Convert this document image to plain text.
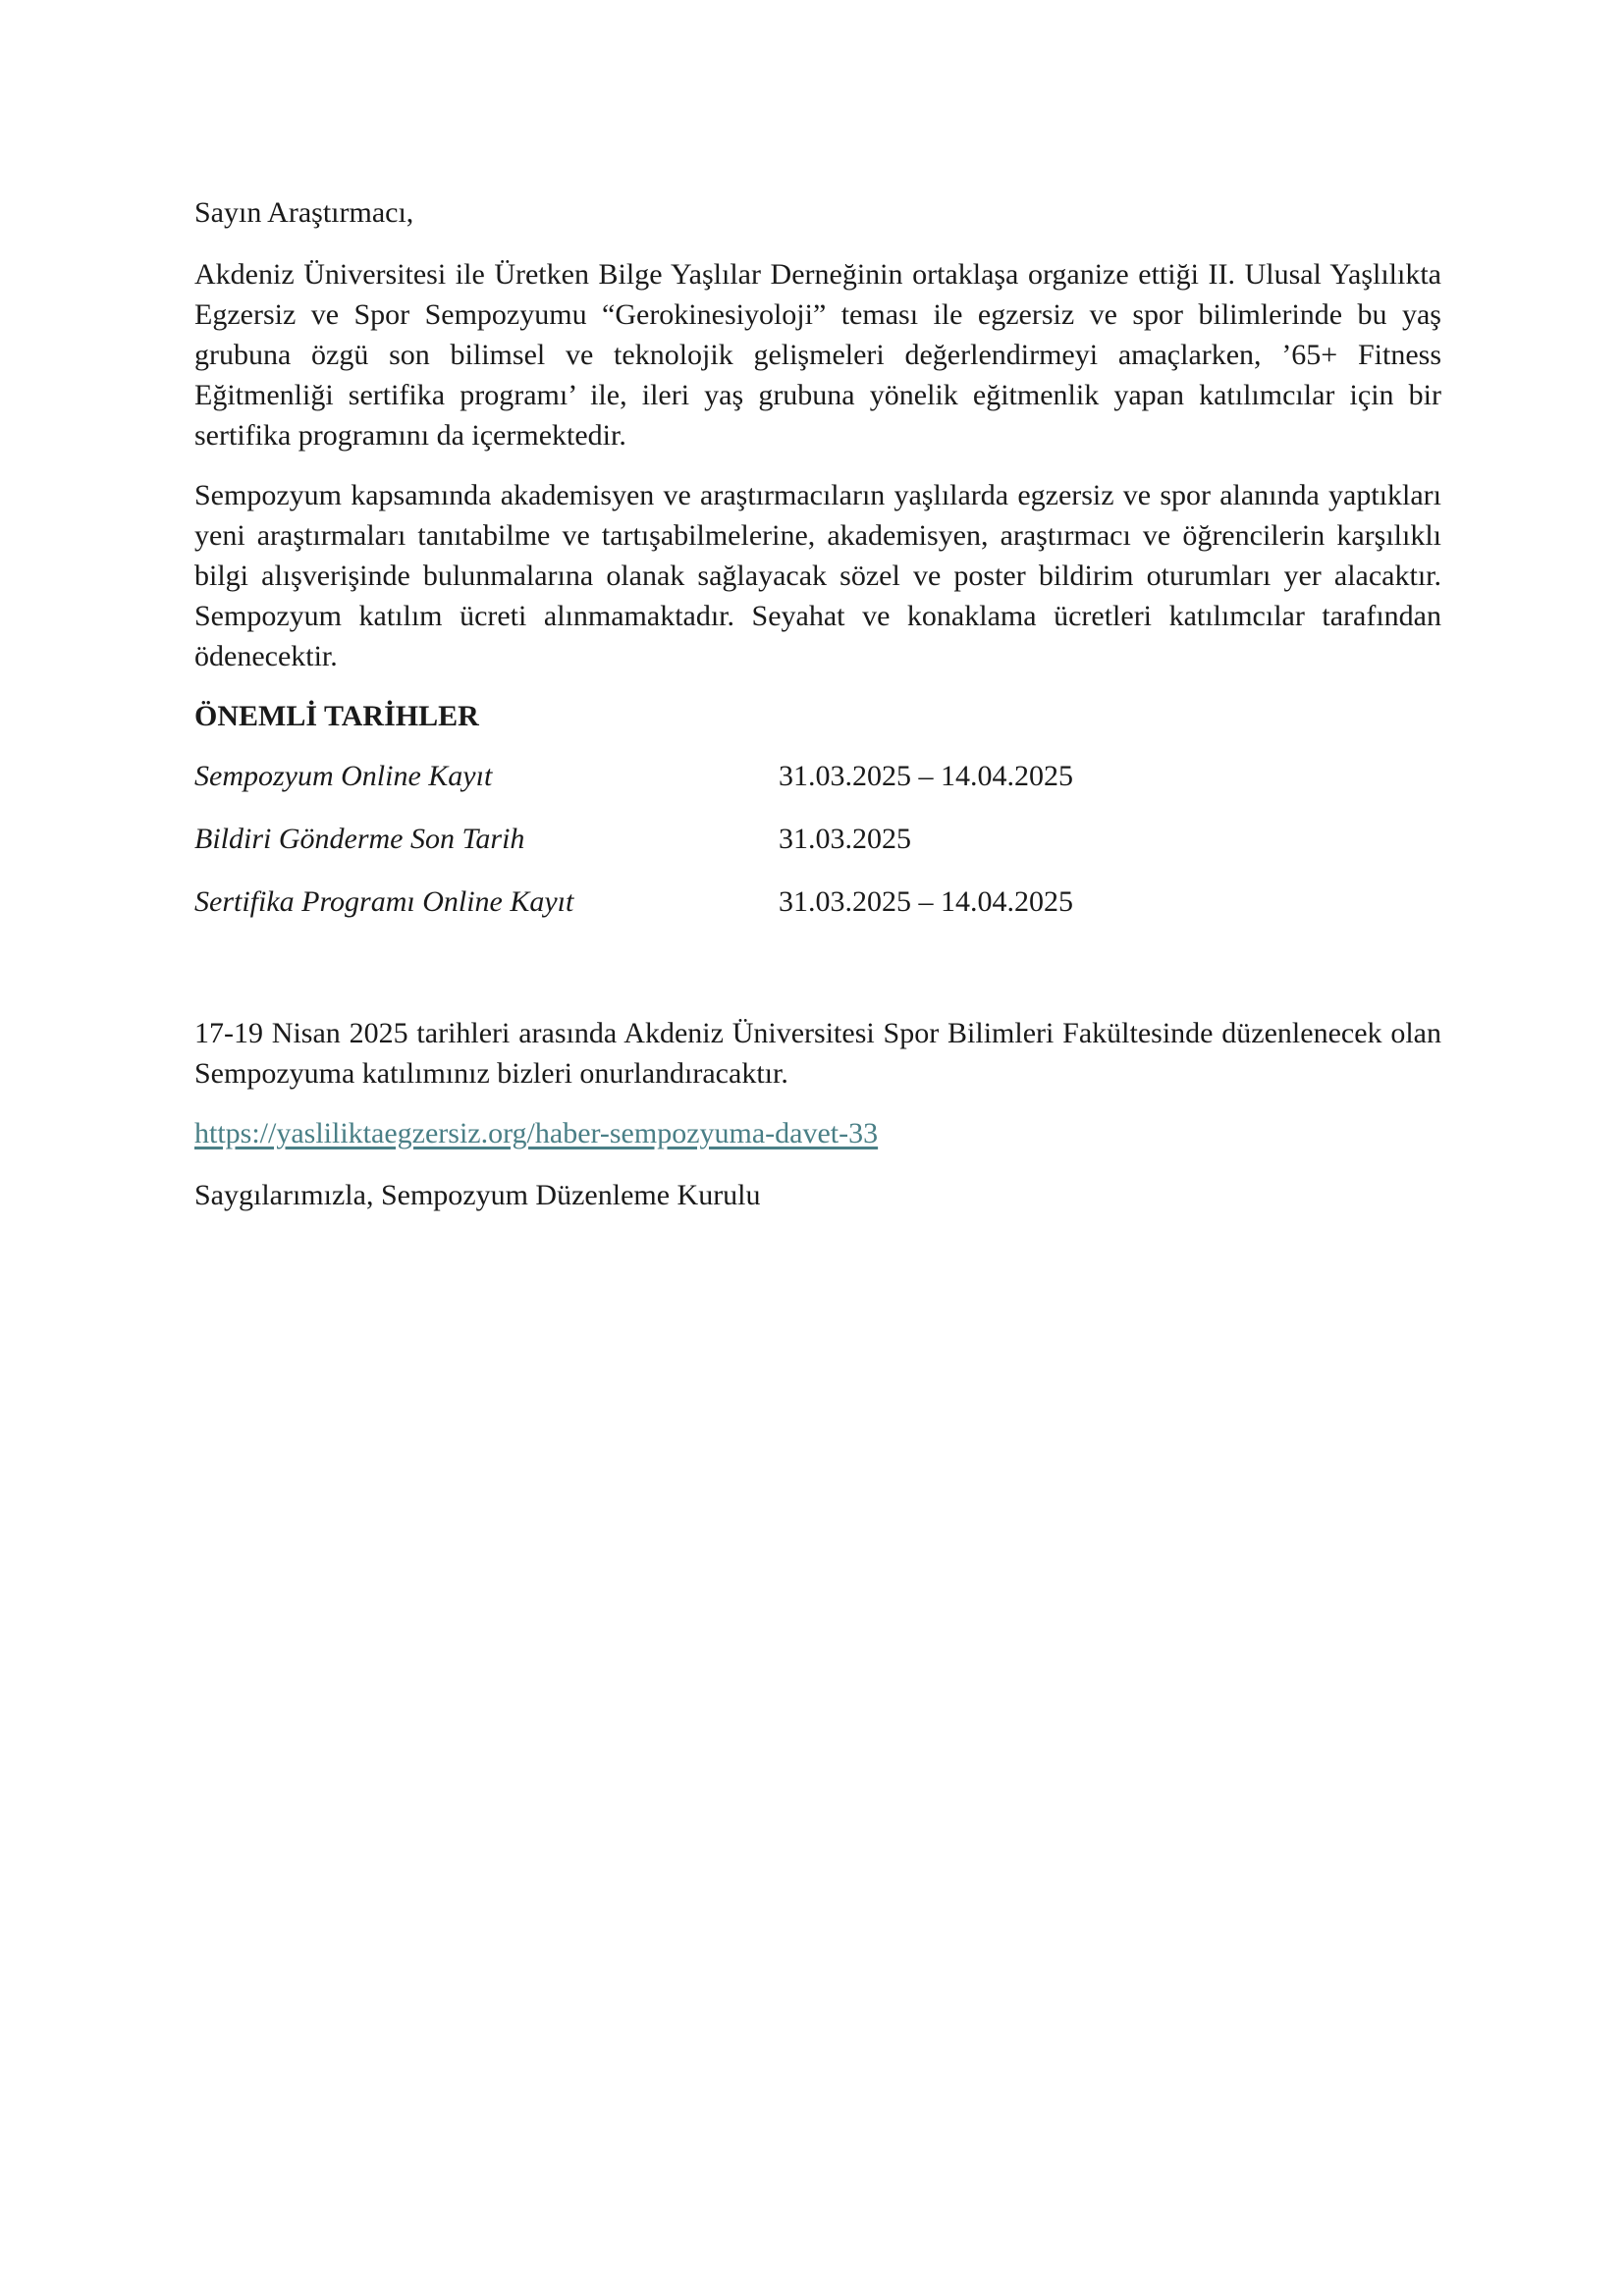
Sayın Araştırmacı,

Akdeniz Üniversitesi ile Üretken Bilge Yaşlılar Derneğinin ortaklaşa organize ettiği II. Ulusal Yaşlılıkta Egzersiz ve Spor Sempozyumu “Gerokinesiyoloji” teması ile egzersiz ve spor bilimlerinde bu yaş grubuna özgü son bilimsel ve teknolojik gelişmeleri değerlendirmeyi amaçlarken, ’65+ Fitness Eğitmenliği sertifika programı’ ile, ileri yaş grubuna yönelik eğitmenlik yapan katılımcılar için bir sertifika programını da içermektedir.

Sempozyum kapsamında akademisyen ve araştırmacıların yaşlılarda egzersiz ve spor alanında yaptıkları yeni araştırmaları tanıtabilme ve tartışabilmelerine, akademisyen, araştırmacı ve öğrencilerin karşılıklı bilgi alışverişinde bulunmalarına olanak sağlayacak sözel ve poster bildirim oturumları yer alacaktır. Sempozyum katılım ücreti alınmamaktadır. Seyahat ve konaklama ücretleri katılımcılar tarafından ödenecektir.

ÖNEMLİ TARİHLER

Sempozyum Online Kayıt	31.03.2025 – 14.04.2025
Bildiri Gönderme Son Tarih	31.03.2025
Sertifika Programı Online Kayıt	31.03.2025 – 14.04.2025

17-19 Nisan 2025 tarihleri arasında Akdeniz Üniversitesi Spor Bilimleri Fakültesinde düzenlenecek olan Sempozyuma katılımınız bizleri onurlandıracaktır.

https://yasliliktaegzersiz.org/haber-sempozyuma-davet-33

Saygılarımızla, Sempozyum Düzenleme Kurulu
